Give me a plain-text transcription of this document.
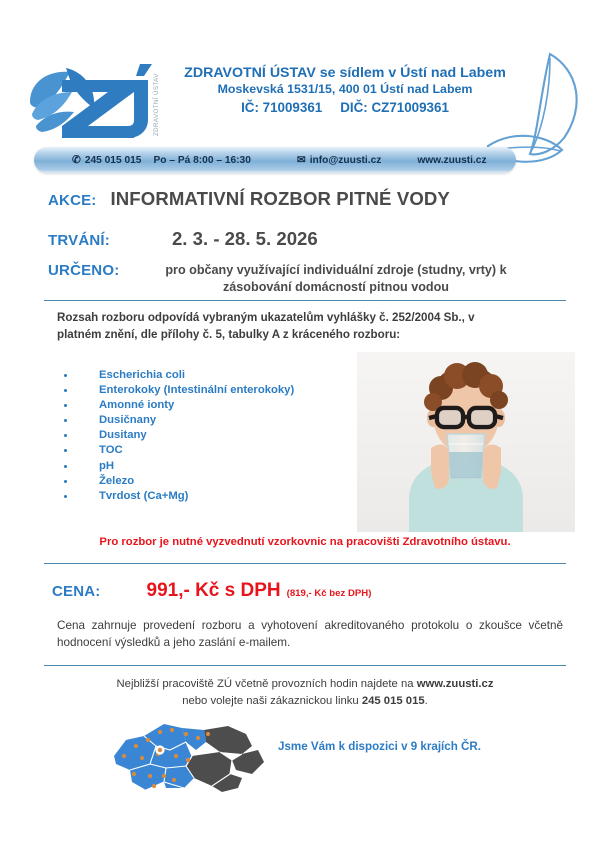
ZDRAVOTNÍ ÚSTAV
ZDRAVOTNÍ ÚSTAV se sídlem v Ústí nad Labem
Moskevská 1531/15, 400 01 Ústí nad Labem
IČ: 71009361 DIČ: CZ71009361
✆ 245 015 015 Po – Pá 8:00 – 16:30	✉ info@zuusti.cz	www.zuusti.cz
AKCE: INFORMATIVNÍ ROZBOR PITNÉ VODY
TRVÁNÍ:	2. 3. - 28. 5. 2026
URČENO:	pro občany využívající individuální zdroje (studny, vrty) k zásobování domácností pitnou vodou
Rozsah rozboru odpovídá vybraným ukazatelům vyhlášky č. 252/2004 Sb., v platném znění, dle přílohy č. 5, tabulky A z kráceného rozboru:
Escherichia coli
Enterokoky (Intestinální enterokoky)
Amonné ionty
Dusičnany
Dusitany
TOC
pH
Železo
Tvrdost (Ca+Mg)
Pro rozbor je nutné vyzvednutí vzorkovnic na pracovišti Zdravotního ústavu.
CENA: 991,- Kč s DPH (819,- Kč bez DPH)
Cena zahrnuje provedení rozboru a vyhotovení akreditovaného protokolu o zkoušce včetně hodnocení výsledků a jeho zaslání e-mailem.
Nejbližší pracoviště ZÚ včetně provozních hodin najdete na www.zuusti.cz
nebo volejte naši zákaznickou linku 245 015 015.
Jsme Vám k dispozici v 9 krajích ČR.
